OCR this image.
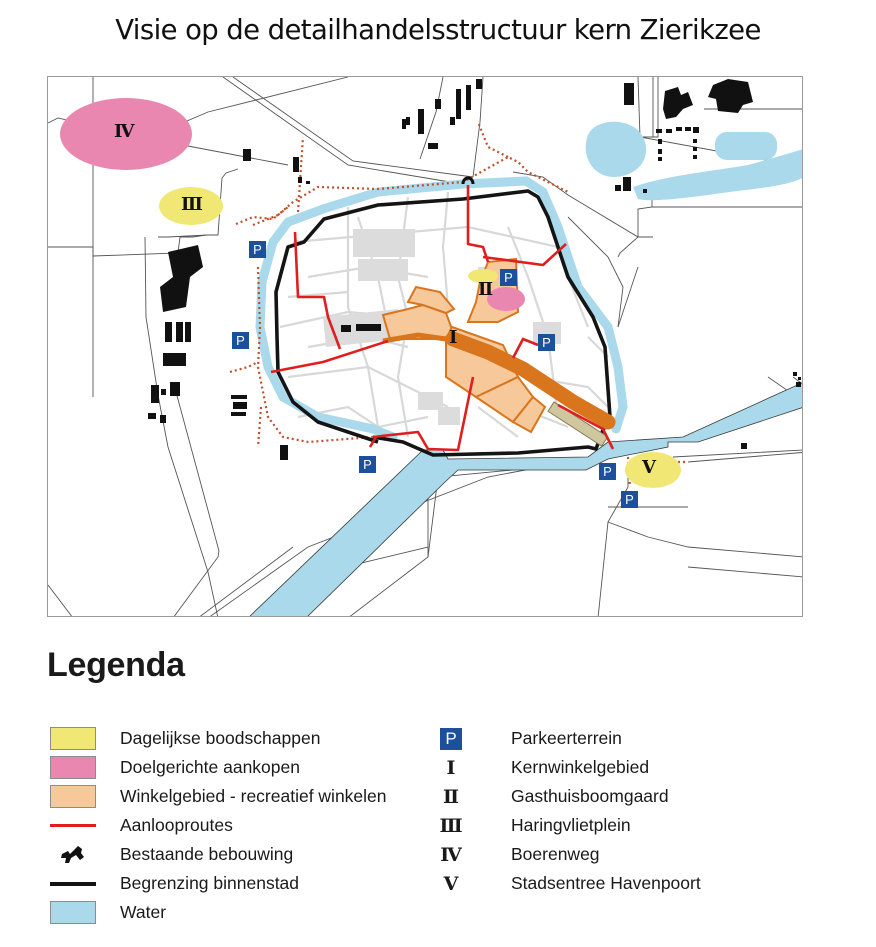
Visie op de detailhandelsstructuur kern Zierikzee
Ⅰ
Ⅱ
Ⅲ
Ⅳ
Ⅴ
P
P
P
P
P	P
P
Legenda
Dagelijkse boodschappen
Doelgerichte aankopen
Winkelgebied - recreatief winkelen
Aanlooproutes
Bestaande bebouwing
Begrenzing binnenstad
Water
P	Parkeerterrein
Ⅰ	Kernwinkelgebied
Ⅱ	Gasthuisboomgaard
Ⅲ	Haringvlietplein
Ⅳ	Boerenweg
Ⅴ	Stadsentree Havenpoort
